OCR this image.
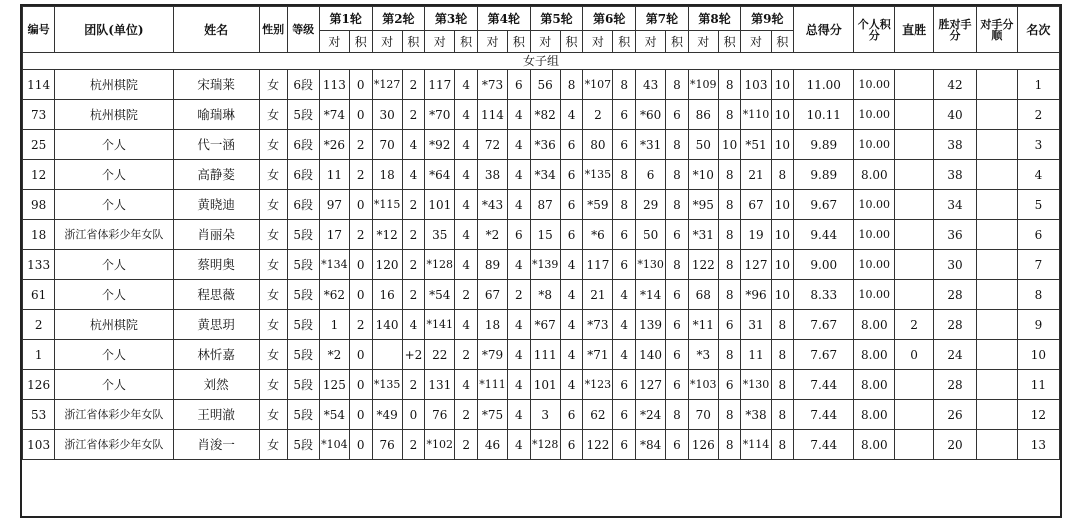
编号	团队(单位)	姓名	性别	等级	第1轮		第2轮		第3轮		第4轮		第5轮		第6轮		第7轮		第8轮		第9轮		总得分	个人积分	直胜	胜对手分	对手分顺	名次
					对	积	对	积	对	积	对	积	对	积	对	积	对	积	对	积	对	积						
女子组																												
114	杭州棋院	宋瑞莱	女	6段	113	0	*127	2	117	4	*73	6	56	8	*107	8	43	8	*109	8	103	10	11.00	10.00		42		1
73	杭州棋院	喻瑞琳	女	5段	*74	0	30	2	*70	4	114	4	*82	4	2	6	*60	6	86	8	*110	10	10.11	10.00		40		2
25	个人	代一涵	女	6段	*26	2	70	4	*92	4	72	4	*36	6	80	6	*31	8	50	10	*51	10	9.89	10.00		38		3
12	个人	高静菱	女	6段	11	2	18	4	*64	4	38	4	*34	6	*135	8	6	8	*10	8	21	8	9.89	8.00		38		4
98	个人	黄晓迪	女	6段	97	0	*115	2	101	4	*43	4	87	6	*59	8	29	8	*95	8	67	10	9.67	10.00		34		5
18	浙江省体彩少年女队	肖丽朵	女	5段	17	2	*12	2	35	4	*2	6	15	6	*6	6	50	6	*31	8	19	10	9.44	10.00		36		6
133	个人	蔡明奥	女	5段	*134	0	120	2	*128	4	89	4	*139	4	117	6	*130	8	122	8	127	10	9.00	10.00		30		7
61	个人	程思薇	女	5段	*62	0	16	2	*54	2	67	2	*8	4	21	4	*14	6	68	8	*96	10	8.33	10.00		28		8
2	杭州棋院	黄思玥	女	5段	1	2	140	4	*141	4	18	4	*67	4	*73	4	139	6	*11	6	31	8	7.67	8.00	2	28		9
1	个人	林忻嘉	女	5段	*2	0		+2	22	2	*79	4	111	4	*71	4	140	6	*3	8	11	8	7.67	8.00	0	24		10
126	个人	刘然	女	5段	125	0	*135	2	131	4	*111	4	101	4	*123	6	127	6	*103	6	*130	8	7.44	8.00		28		11
53	浙江省体彩少年女队	王明澈	女	5段	*54	0	*49	0	76	2	*75	4	3	6	62	6	*24	8	70	8	*38	8	7.44	8.00		26		12
103	浙江省体彩少年女队	肖浚一	女	5段	*104	0	76	2	*102	2	46	4	*128	6	122	6	*84	6	126	8	*114	8	7.44	8.00		20		13
